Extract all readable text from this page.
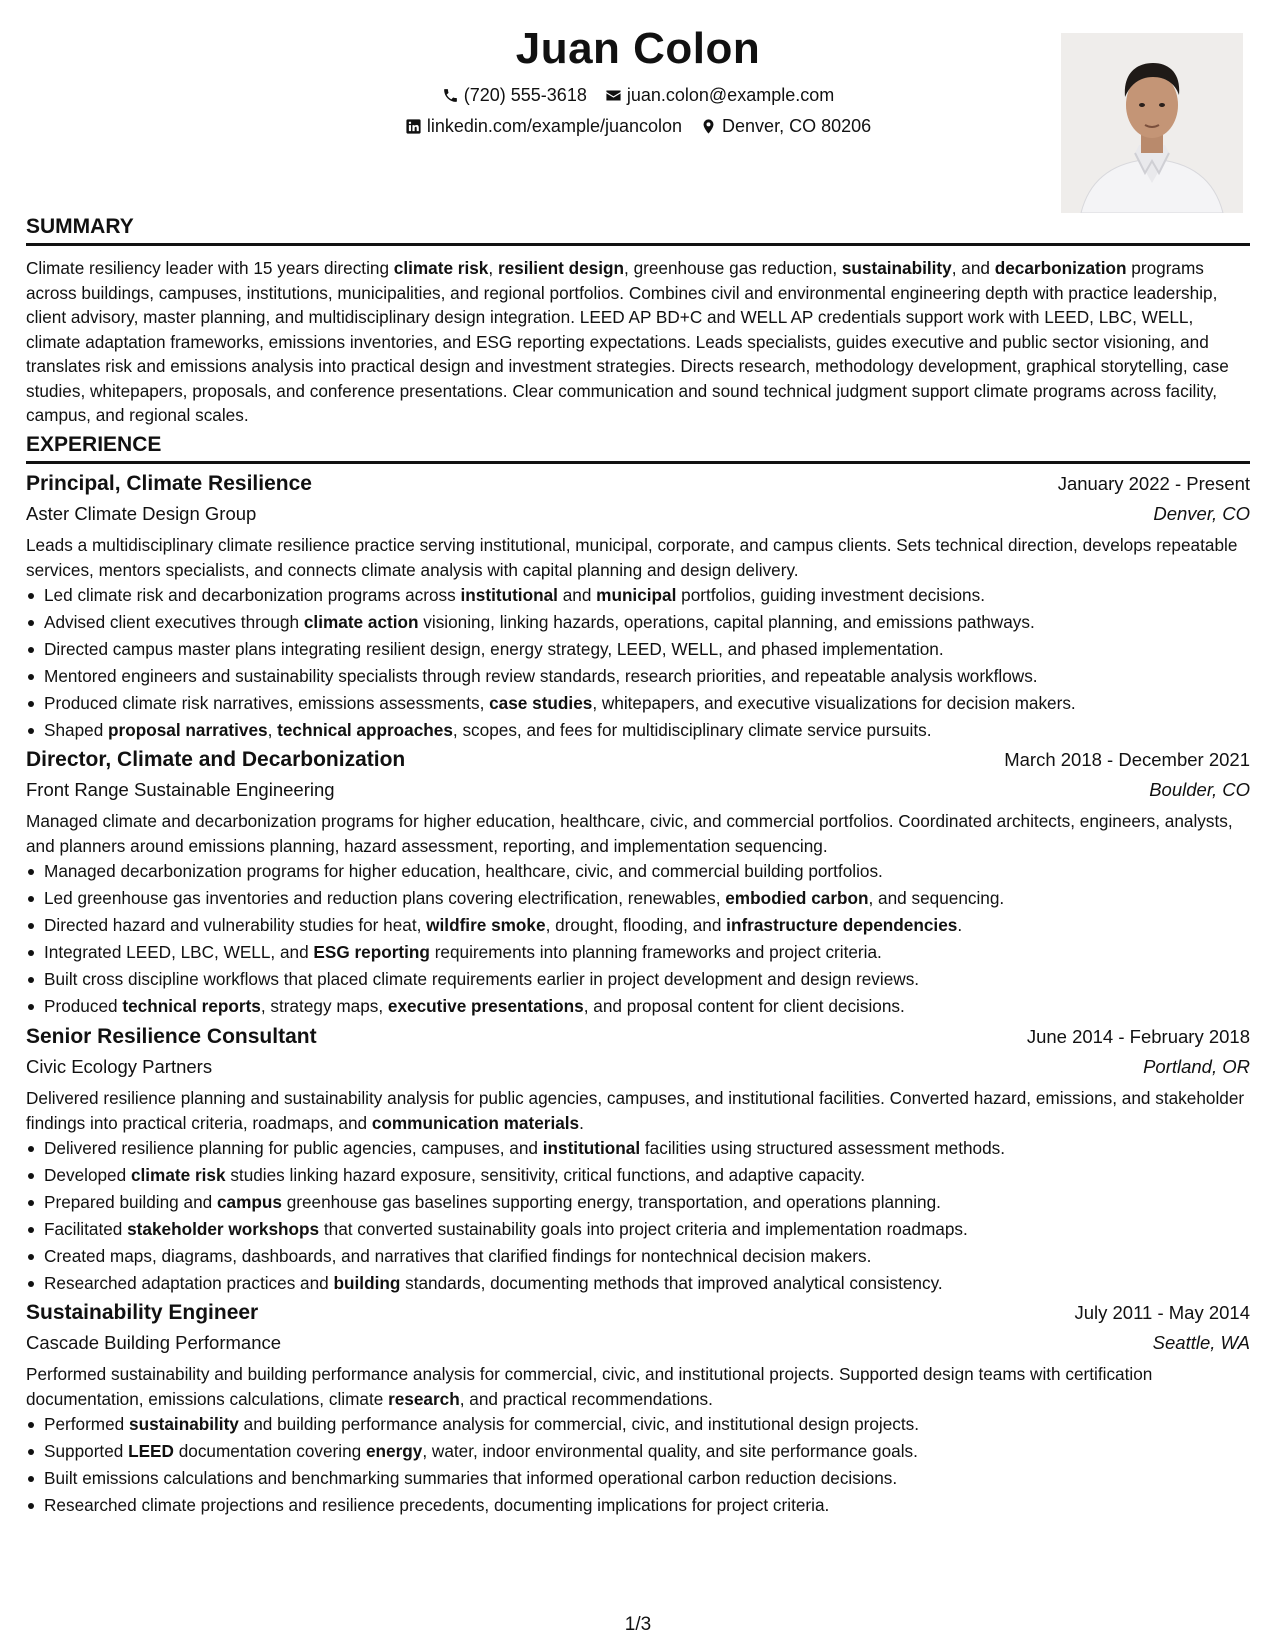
Juan Colon
(720) 555-3618 juan.colon@example.com
linkedin.com/example/juancolon Denver, CO 80206
SUMMARY
Climate resiliency leader with 15 years directing climate risk, resilient design, greenhouse gas reduction, sustainability, and decarbonization programs across buildings, campuses, institutions, municipalities, and regional portfolios. Combines civil and environmental engineering depth with practice leadership, client advisory, master planning, and multidisciplinary design integration. LEED AP BD+C and WELL AP credentials support work with LEED, LBC, WELL, climate adaptation frameworks, emissions inventories, and ESG reporting expectations. Leads specialists, guides executive and public sector visioning, and translates risk and emissions analysis into practical design and investment strategies. Directs research, methodology development, graphical storytelling, case studies, whitepapers, proposals, and conference presentations. Clear communication and sound technical judgment support climate programs across facility, campus, and regional scales.
EXPERIENCE
Principal, Climate Resilience	January 2022 - Present
Aster Climate Design Group	Denver, CO
Leads a multidisciplinary climate resilience practice serving institutional, municipal, corporate, and campus clients. Sets technical direction, develops repeatable services, mentors specialists, and connects climate analysis with capital planning and design delivery.
Led climate risk and decarbonization programs across institutional and municipal portfolios, guiding investment decisions.
Advised client executives through climate action visioning, linking hazards, operations, capital planning, and emissions pathways.
Directed campus master plans integrating resilient design, energy strategy, LEED, WELL, and phased implementation.
Mentored engineers and sustainability specialists through review standards, research priorities, and repeatable analysis workflows.
Produced climate risk narratives, emissions assessments, case studies, whitepapers, and executive visualizations for decision makers.
Shaped proposal narratives, technical approaches, scopes, and fees for multidisciplinary climate service pursuits.
Director, Climate and Decarbonization	March 2018 - December 2021
Front Range Sustainable Engineering	Boulder, CO
Managed climate and decarbonization programs for higher education, healthcare, civic, and commercial portfolios. Coordinated architects, engineers, analysts, and planners around emissions planning, hazard assessment, reporting, and implementation sequencing.
Managed decarbonization programs for higher education, healthcare, civic, and commercial building portfolios.
Led greenhouse gas inventories and reduction plans covering electrification, renewables, embodied carbon, and sequencing.
Directed hazard and vulnerability studies for heat, wildfire smoke, drought, flooding, and infrastructure dependencies.
Integrated LEED, LBC, WELL, and ESG reporting requirements into planning frameworks and project criteria.
Built cross discipline workflows that placed climate requirements earlier in project development and design reviews.
Produced technical reports, strategy maps, executive presentations, and proposal content for client decisions.
Senior Resilience Consultant	June 2014 - February 2018
Civic Ecology Partners	Portland, OR
Delivered resilience planning and sustainability analysis for public agencies, campuses, and institutional facilities. Converted hazard, emissions, and stakeholder findings into practical criteria, roadmaps, and communication materials.
Delivered resilience planning for public agencies, campuses, and institutional facilities using structured assessment methods.
Developed climate risk studies linking hazard exposure, sensitivity, critical functions, and adaptive capacity.
Prepared building and campus greenhouse gas baselines supporting energy, transportation, and operations planning.
Facilitated stakeholder workshops that converted sustainability goals into project criteria and implementation roadmaps.
Created maps, diagrams, dashboards, and narratives that clarified findings for nontechnical decision makers.
Researched adaptation practices and building standards, documenting methods that improved analytical consistency.
Sustainability Engineer	July 2011 - May 2014
Cascade Building Performance	Seattle, WA
Performed sustainability and building performance analysis for commercial, civic, and institutional projects. Supported design teams with certification documentation, emissions calculations, climate research, and practical recommendations.
Performed sustainability and building performance analysis for commercial, civic, and institutional design projects.
Supported LEED documentation covering energy, water, indoor environmental quality, and site performance goals.
Built emissions calculations and benchmarking summaries that informed operational carbon reduction decisions.
Researched climate projections and resilience precedents, documenting implications for project criteria.
1/3
